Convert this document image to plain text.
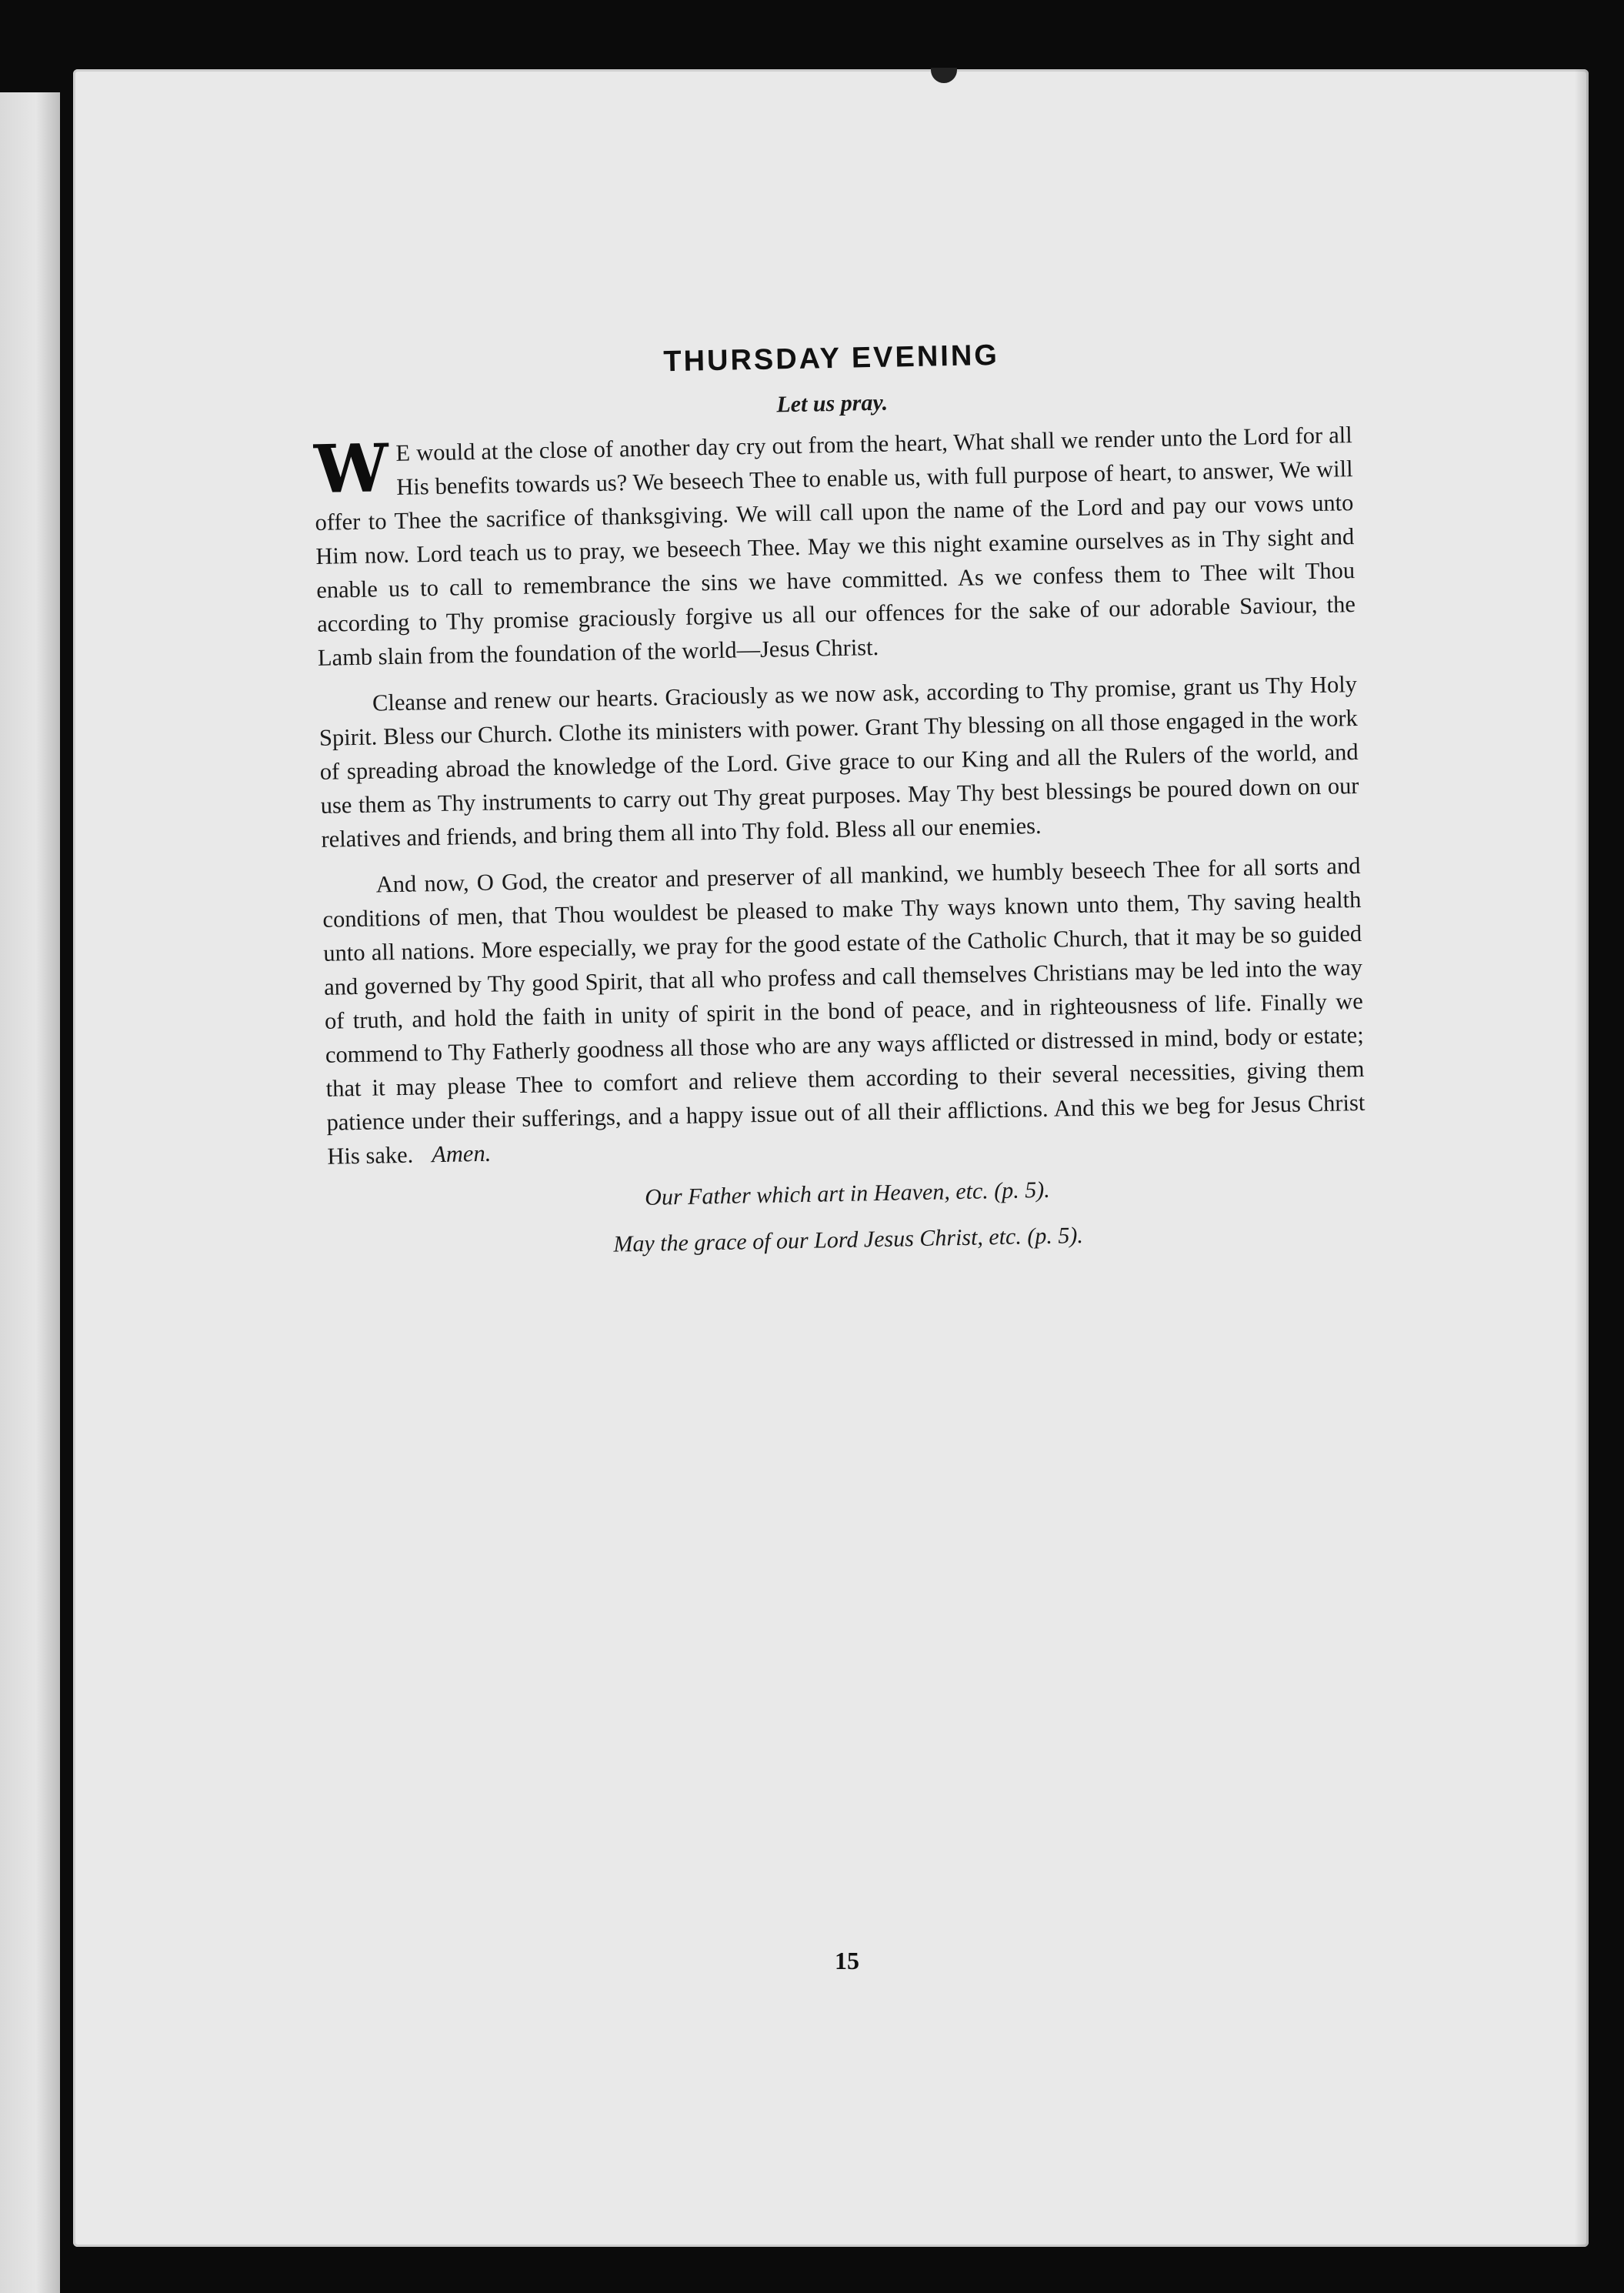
THURSDAY EVENING
Let us pray.

W E would at the close of another day cry out from the heart, What shall we render unto the Lord for all His benefits towards us? We beseech Thee to enable us, with full purpose of heart, to answer, We will offer to Thee the sacrifice of thanksgiving. We will call upon the name of the Lord and pay our vows unto Him now. Lord teach us to pray, we beseech Thee. May we this night examine ourselves as in Thy sight and enable us to call to remembrance the sins we have committed. As we confess them to Thee wilt Thou according to Thy promise graciously forgive us all our offences for the sake of our adorable Saviour, the Lamb slain from the foundation of the world—Jesus Christ.

Cleanse and renew our hearts. Graciously as we now ask, according to Thy promise, grant us Thy Holy Spirit. Bless our Church. Clothe its ministers with power. Grant Thy blessing on all those engaged in the work of spreading abroad the knowledge of the Lord. Give grace to our King and all the Rulers of the world, and use them as Thy instruments to carry out Thy great purposes. May Thy best blessings be poured down on our relatives and friends, and bring them all into Thy fold. Bless all our enemies.

And now, O God, the creator and preserver of all mankind, we humbly beseech Thee for all sorts and conditions of men, that Thou wouldest be pleased to make Thy ways known unto them, Thy saving health unto all nations. More especially, we pray for the good estate of the Catholic Church, that it may be so guided and governed by Thy good Spirit, that all who profess and call themselves Christians may be led into the way of truth, and hold the faith in unity of spirit in the bond of peace, and in righteousness of life. Finally we commend to Thy Fatherly goodness all those who are any ways afflicted or distressed in mind, body or estate; that it may please Thee to comfort and relieve them according to their several necessities, giving them patience under their sufferings, and a happy issue out of all their afflictions. And this we beg for Jesus Christ His sake. Amen.

Our Father which art in Heaven, etc. (p. 5).
May the grace of our Lord Jesus Christ, etc. (p. 5).
15
